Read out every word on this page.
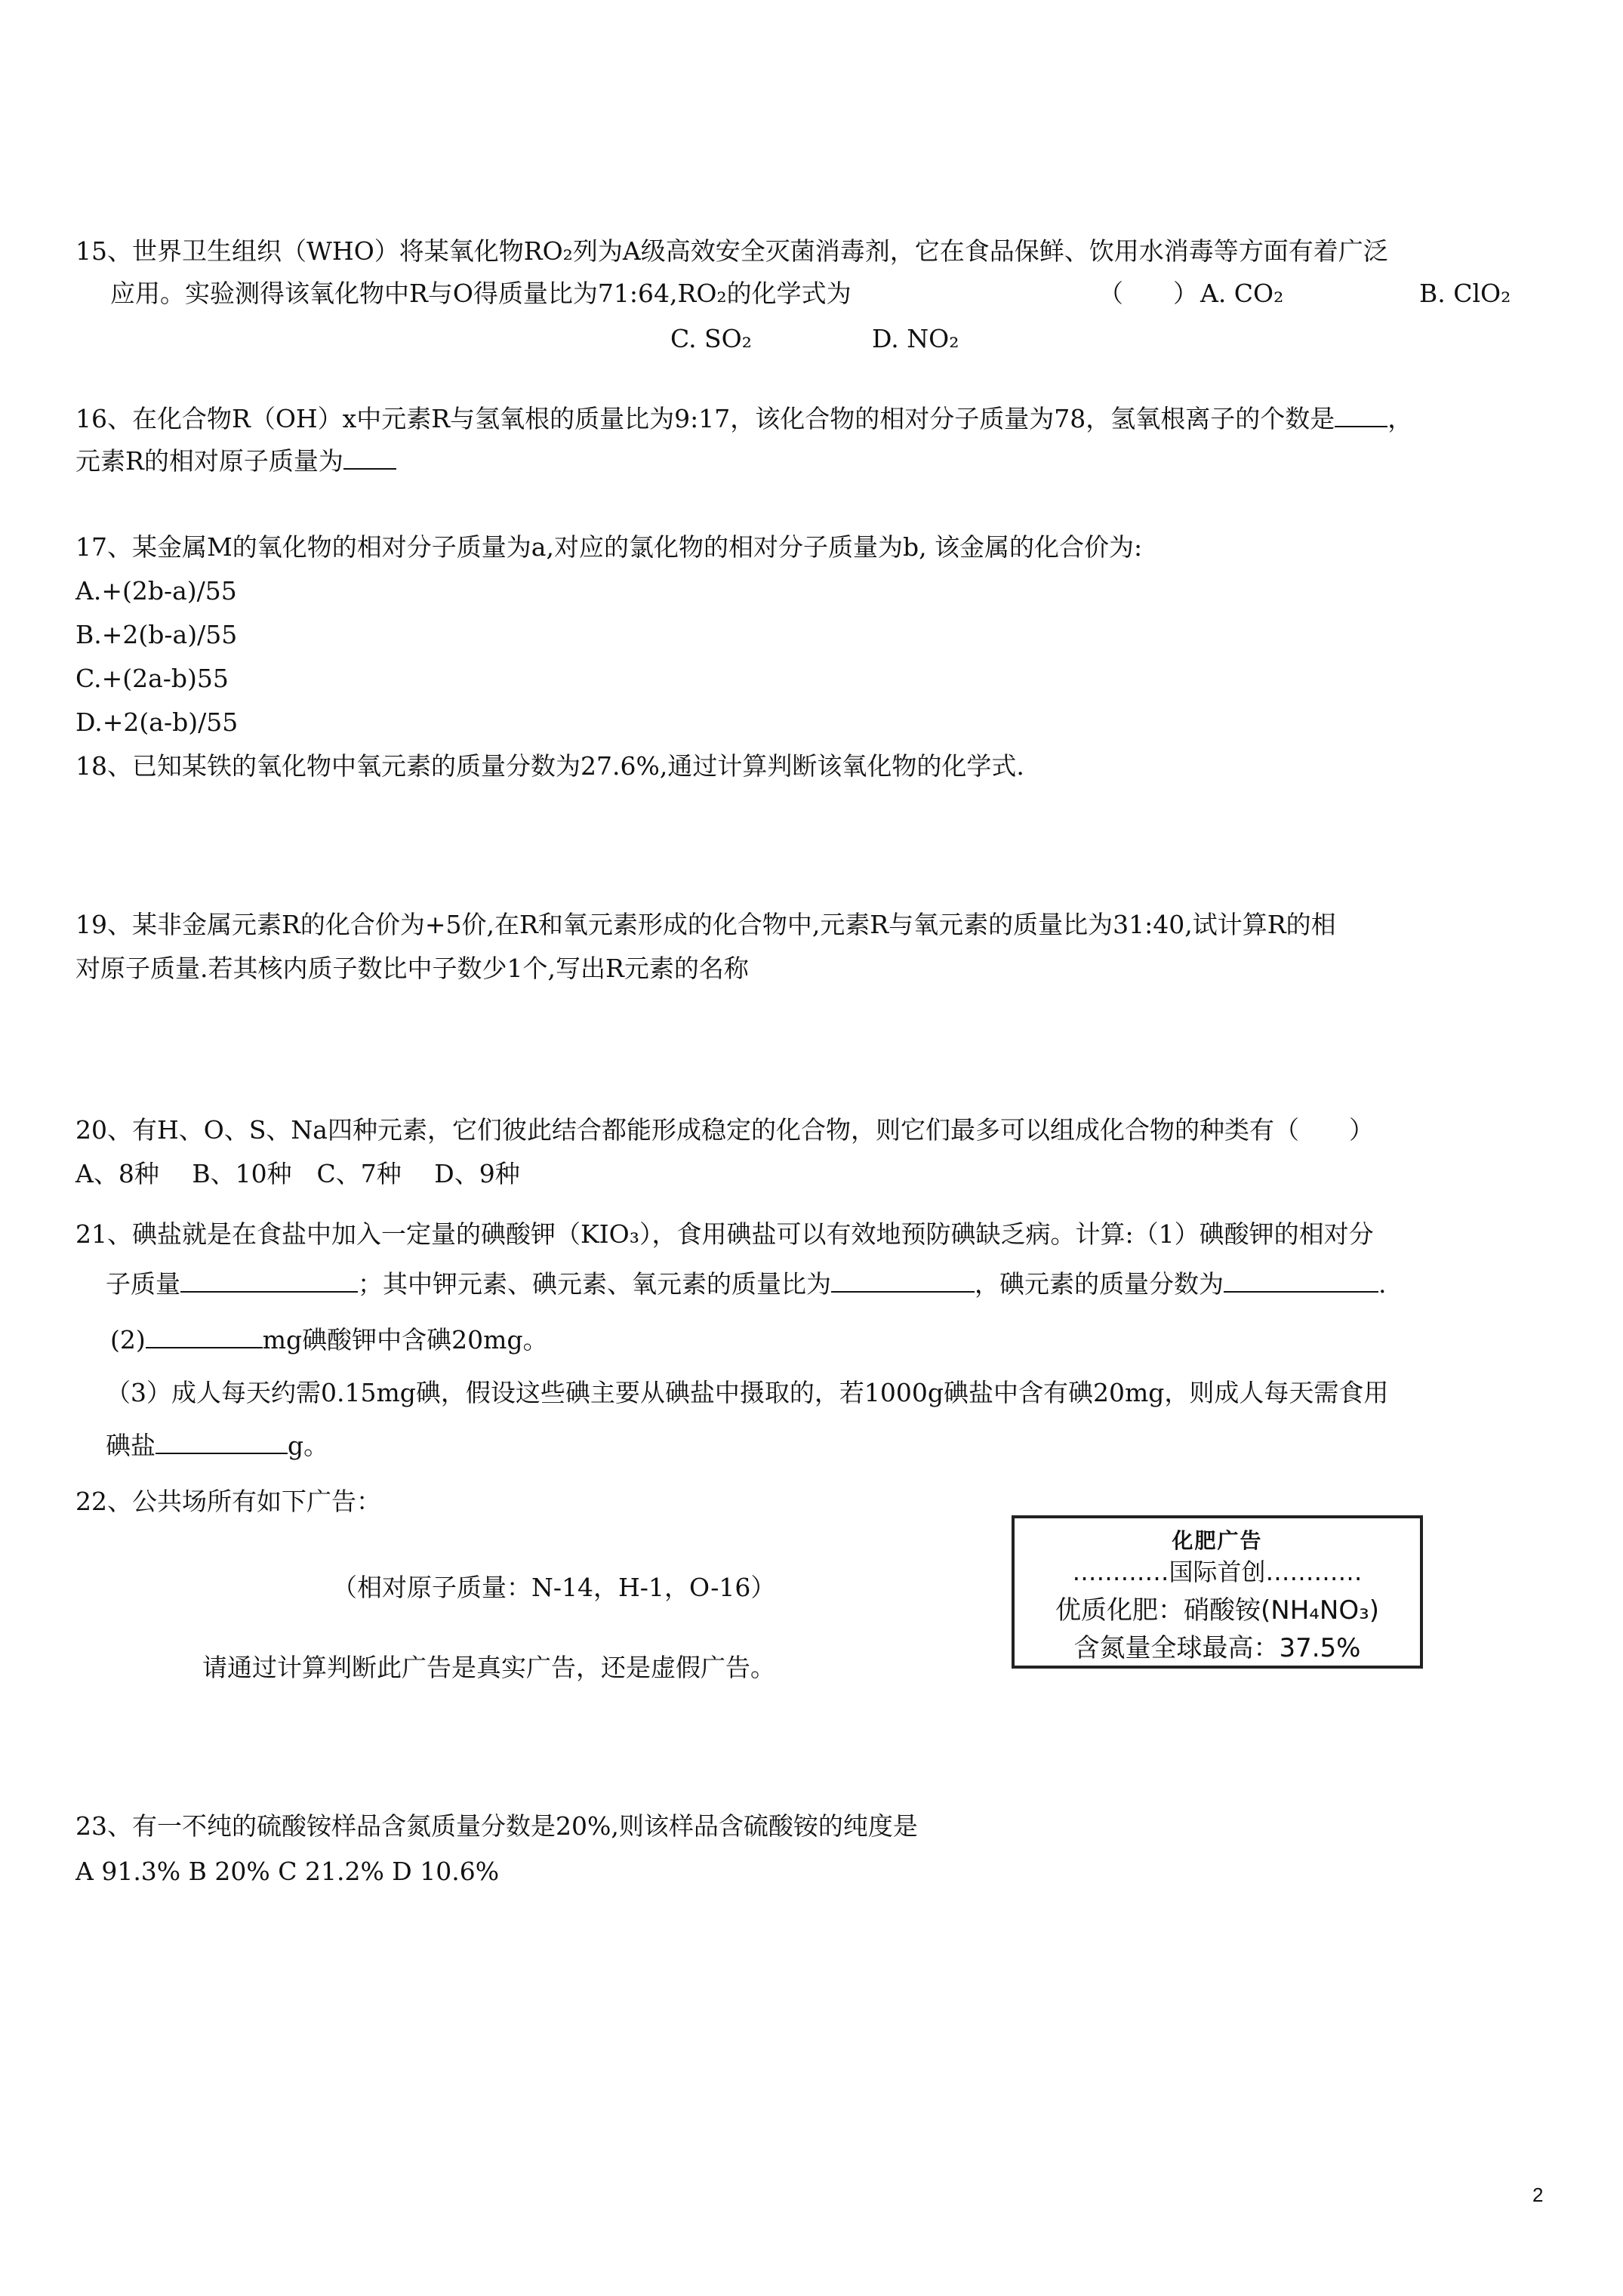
15、世界卫生组织（WHO）将某氧化物RO₂列为A级高效安全灭菌消毒剂，它在食品保鲜、饮用水消毒等方面有着广泛
应用。实验测得该氧化物中R与O得质量比为71:64,RO₂的化学式为	（　　） A. CO₂	B. ClO₂
C. SO₂	D. NO₂
16、在化合物R（OH）x中元素R与氢氧根的质量比为9:17，该化合物的相对分子质量为78，氢氧根离子的个数是 ，
元素R的相对原子质量为
17、某金属M的氧化物的相对分子质量为a,对应的氯化物的相对分子质量为b, 该金属的化合价为:
A.+(2b-a)/55
B.+2(b-a)/55
C.+(2a-b)55
D.+2(a-b)/55
18、已知某铁的氧化物中氧元素的质量分数为27.6%,通过计算判断该氧化物的化学式.
19、某非金属元素R的化合价为+5价,在R和氧元素形成的化合物中,元素R与氧元素的质量比为31:40,试计算R的相
对原子质量.若其核内质子数比中子数少1个,写出R元素的名称
20、有H、O、S、Na四种元素，它们彼此结合都能形成稳定的化合物，则它们最多可以组成化合物的种类有（　　）
A、8种　 B、10种　C、7种　 D、9种
21、碘盐就是在食盐中加入一定量的碘酸钾（KIO₃），食用碘盐可以有效地预防碘缺乏病。计算:（1）碘酸钾的相对分
子质量	；其中钾元素、碘元素、氧元素的质量比为	，碘元素的质量分数为	.
(2)	mg碘酸钾中含碘20mg。
（3）成人每天约需0.15mg碘，假设这些碘主要从碘盐中摄取的，若1000g碘盐中含有碘20mg，则成人每天需食用
碘盐	g。
22、公共场所有如下广告：
（相对原子质量：N-14，H-1，O-16）
请通过计算判断此广告是真实广告，还是虚假广告。
化肥广告
…………国际首创…………
优质化肥：硝酸铵(NH₄NO₃)
含氮量全球最高：37.5%
23、有一不纯的硫酸铵样品含氮质量分数是20%,则该样品含硫酸铵的纯度是
A 91.3% B 20% C 21.2% D 10.6%
2
